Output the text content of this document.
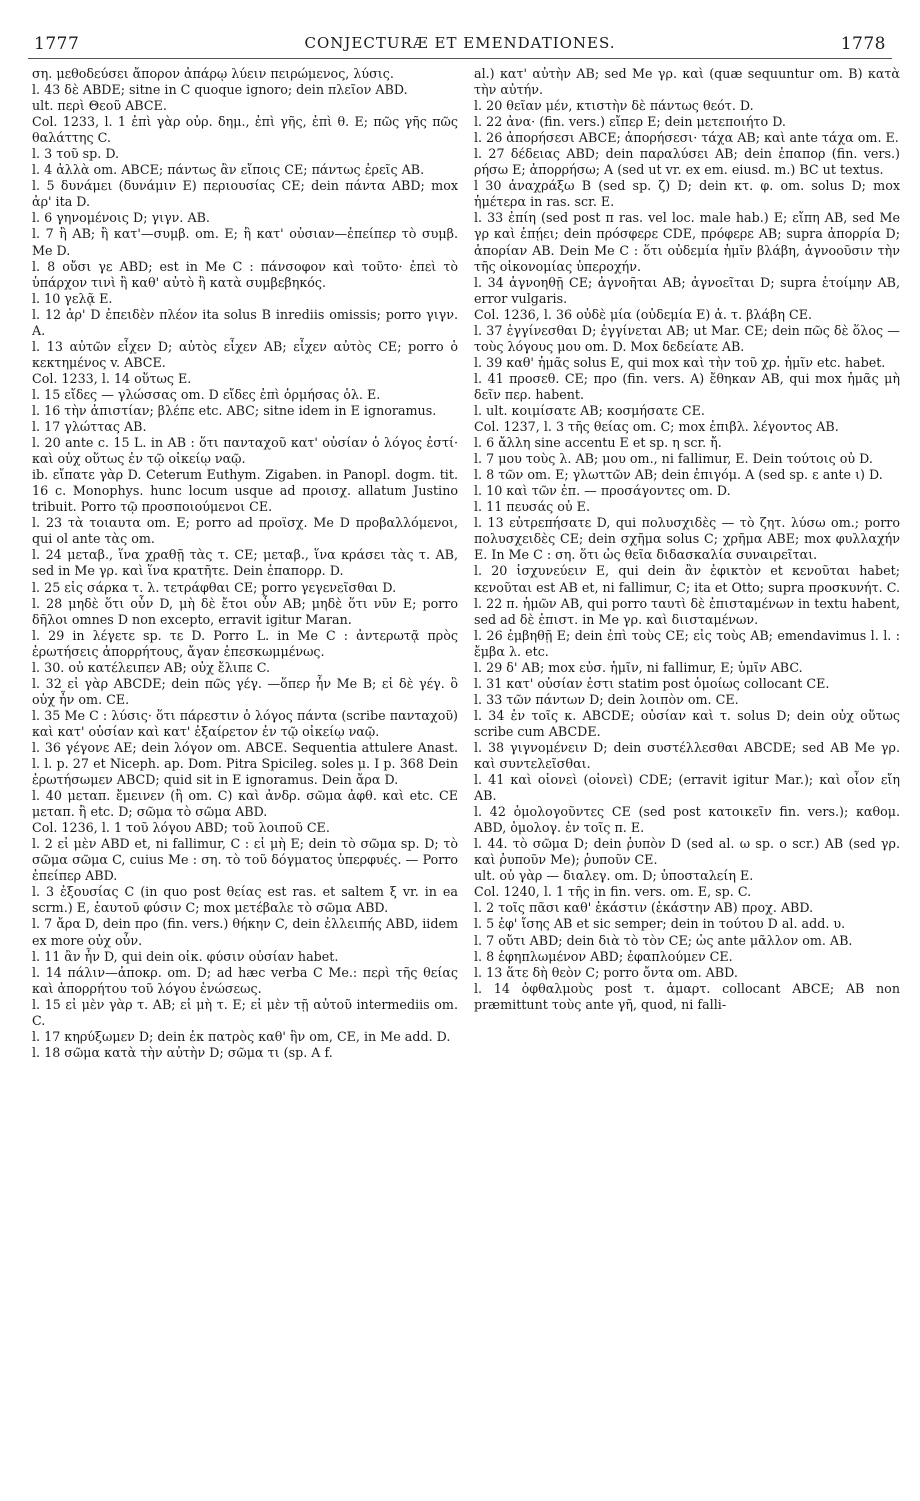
1777	CONJECTURÆ ET EMENDATIONES.	1778

ση. μεθοδεύσει ἄπορον ἀπάρῳ λύειν πειρώμενος, λύσις.

l. 43 δὲ ABDE; sitne in C quoque ignoro; dein πλεῖον ABD.

ult. περὶ Θεοῦ ABCE.

Col. 1233, l. 1 ἐπὶ γὰρ οὐρ. δημ., ἐπὶ γῆς, ἐπὶ θ. E; πῶς γῆς πῶς θαλάττης C.

l. 3 τοῦ sp. D.

l. 4 ἀλλὰ om. ABCE; πάντως ἂν εἴποις CE; πάντως ἐρεῖς AB.

l. 5 δυνάμει (δυνάμιν E) περιουσίας CE; dein πάντα ABD; mox ἀρ' ita D.

l. 6 γηνομένοις D; γιγν. AB.

l. 7 ἢ AB; ἢ κατ'—συμβ. om. E; ἢ κατ' οὐσιαν—ἐπείπερ τὸ συμβ. Me D.

l. 8 οὔσι γε ABD; est in Me C : πάνσοφον καὶ τοῦτο· ἐπεὶ τὸ ὑπάρχον τινὶ ἢ καθ' αὐτὸ ἢ κατὰ συμβεβηκός.

l. 10 γελᾷ E.

l. 12 ἀρ' D ἐπειδὲν πλέον ita solus B inrediis omissis; porro γιγν. A.

l. 13 αὐτῶν εἶχεν D; αὐτὸς εἶχεν AB; εἶχεν αὐτὸς CE; porro ὁ κεκτημένος v. ABCE.

Col. 1233, l. 14 οὕτως E.

l. 15 εἴδες — γλώσσας om. D εἴδες ἐπὶ ὁρμήσας ὁλ. E.

l. 16 τὴν ἀπιστίαν; βλέπε etc. ABC; sitne idem in E ignoramus.

l. 17 γλώττας AB.

l. 20 ante c. 15 L. in AB : ὅτι πανταχοῦ κατ' οὐσίαν ὁ λόγος ἐστί· καὶ οὐχ οὕτως ἐν τῷ οἰκείῳ ναῷ.

ib. εἴπατε γὰρ D. Ceterum Euthym. Zigaben. in Panopl. dogm. tit. 16 c. Monophys. hunc locum usque ad προισχ. allatum Justino tribuit. Porro τῷ προσποιούμενοι CE.

l. 23 τὰ τοιαυτα om. E; porro ad προϊσχ. Me D προβαλλόμενοι, qui ol ante τὰς om.

l. 24 μεταβ., ἵνα χραθῇ τὰς τ. CE; μεταβ., ἵνα κράσει τὰς τ. AB, sed in Me γρ. καὶ ἵνα κρατῆτε. Dein ἐπαπορρ. D.

l. 25 εἰς σάρκα τ. λ. τετράφθαι CE; porro γεγενεῖσθαι D.

l. 28 μηδὲ ὅτι οὖν D, μὴ δὲ ἔτοι οὖν AB; μηδὲ ὅτι νῦν E; porro δῆλοι omnes D non excepto, erravit igitur Maran.

l. 29 in λέγετε sp. τε D. Porro L. in Me C : ἀντερωτᾷ πρὸς ἐρωτήσεις ἀπορρήτους, ἄγαν ἐπεσκωμμένως.

l. 30. οὐ κατέλειπεν AB; οὐχ ἔλιπε C.

l. 32 εἰ γὰρ ABCDE; dein πῶς γέγ. —ὅπερ ἦν Me B; εἰ δὲ γέγ. ὃ οὐχ ἦν om. CE.

l. 35 Me C : λύσις· ὅτι πάρεστιν ὁ λόγος πάντα (scribe πανταχοῦ) καὶ κατ' οὐσίαν καὶ κατ' ἐξαίρετον ἐν τῷ οἰκείῳ ναῷ.

l. 36 γέγονε AE; dein λόγον om. ABCE. Sequentia attulere Anast. l. l. p. 27 et Niceph. ap. Dom. Pitra Spicileg. soles μ. I p. 368 Dein ἐρωτήσωμεν ABCD; quid sit in E ignoramus. Dein ἄρα D.

l. 40 μεταπ. ἔμεινεν (ἢ om. C) καὶ ἀνδρ. σῶμα ἀφθ. καὶ etc. CE μεταπ. ἢ etc. D; σῶμα τὸ σῶμα ABD.

Col. 1236, l. 1 τοῦ λόγου ABD; τοῦ λοιποῦ CE.

l. 2 εἰ μὲν ABD et, ni fallimur, C : εἰ μὴ E; dein τὸ σῶμα sp. D; τὸ σῶμα σῶμα C, cuius Me : ση. τὸ τοῦ δόγματος ὑπερφυές. — Porro ἐπείπερ ABD.

l. 3 ἐξουσίας C (in quo post θείας est ras. et saltem ξ vr. in ea scrm.) E, ἑαυτοῦ φύσιν C; mox μετέβαλε τὸ σῶμα ABD.

l. 7 ἄρα D, dein προ (fin. vers.) θήκην C, dein ἐλλειπής ABD, iidem ex more οὐχ οὖν.

l. 11 ἂν ἦν D, qui dein οἰκ. φύσιν οὐσίαν habet.

l. 14 πάλιν—ἀποκρ. om. D; ad hæc verba C Me.: περὶ τῆς θείας καὶ ἀπορρήτου τοῦ λόγου ἑνώσεως.

l. 15 εἰ μὲν γὰρ τ. AB; εἰ μὴ τ. E; εἰ μὲν τῇ αὐτοῦ intermediis om. C.

l. 17 κηρύξωμεν D; dein ἐκ πατρὸς καθ' ἣν om, CE, in Me add. D.

l. 18 σῶμα κατὰ τὴν αὐτὴν D; σῶμα τι (sp. A f.

al.) κατ' αὐτὴν AB; sed Me γρ. καὶ (quæ sequuntur om. B) κατὰ τὴν αὐτήν.

l. 20 θεῖαν μέν, κτιστὴν δὲ πάντως θεότ. D.

l. 22 ἀνα· (fin. vers.) εἴπερ E; dein μετεποιήτο D.

l. 26 ἀπορήσεσι ABCE; ἀπορήσεσι· τάχα AB; καὶ ante τάχα om. E.

l. 27 δέδειας ABD; dein παραλύσει AB; dein ἐπαπορ (fin. vers.) ρήσω E; ἀπορρήσω; A (sed ut vr. ex em. eiusd. m.) BC ut textus.

l 30 ἀναχράξω B (sed sp. ζ) D; dein κτ. φ. om. solus D; mox ἡμέτερα in ras. scr. E.

l. 33 ἐπίη (sed post π ras. vel loc. male hab.) E; εἴπη AB, sed Me γρ καὶ ἐπῄει; dein πρόσφερε CDE, πρόφερε AB; supra ἀπορρία D; ἀπορίαν AB. Dein Me C : ὅτι οὐδεμία ἡμῖν βλάβη, ἀγνοοῦσιν τὴν τῆς οἰκονομίας ὑπεροχήν.

l. 34 ἀγνοηθῇ CE; ἀγνοῆται AB; ἀγνοεῖται D; supra ἑτοίμην AB, error vulgaris.

Col. 1236, l. 36 οὐδὲ μία (οὐδεμία E) ἀ. τ. βλάβη CE.

l. 37 ἐγγίνεσθαι D; ἐγγίνεται AB; ut Mar. CE; dein πῶς δὲ ὅλος — τοὺς λόγους μου om. D. Mox δεδείατε AB.

l. 39 καθ' ἡμᾶς solus E, qui mox καὶ τὴν τοῦ χρ. ἡμῖν etc. habet.

l. 41 προσεθ. CE; προ (fin. vers. A) ἔθηκαν AB, qui mox ἡμᾶς μὴ δεῖν περ. habent.

l. ult. κοιμίσατε AB; κοσμήσατε CE.

Col. 1237, l. 3 τῆς θείας om. C; mox ἐπιβλ. λέγοντος AB.

l. 6 ἄλλη sine accentu E et sp. η scr. ἤ.

l. 7 μου τοὺς λ. AB; μου om., ni fallimur, E. Dein τούτοις οὐ D.

l. 8 τῶν om. E; γλωττῶν AB; dein ἐπιγόμ. A (sed sp. ε ante ι) D.

l. 10 καὶ τῶν ἐπ. — προσάγοντες om. D.

l. 11 πευσάς οὐ E.

l. 13 εὐτρεπήσατε D, qui πολυσχιδὲς — τὸ ζητ. λύσω om.; porro πολυσχειδὲς CE; dein σχῆμα solus C; χρῆμα ABE; mox φυλλαχήν E. In Me C : ση. ὅτι ὡς θεῖα διδασκαλία συναιρεῖται.

l. 20 ἰσχυνεύειν E, qui dein ἂν ἐφικτὸν et κενοῦται habet; κενοῦται est AB et, ni fallimur, C; ita et Otto; supra προσκυνήτ. C.

l. 22 π. ἡμῶν AB, qui porro ταυτὶ δὲ ἐπισταμένων in textu habent, sed ad δὲ ἐπιστ. in Me γρ. καὶ διισταμένων.

l. 26 ἐμβηθῇ E; dein ἐπὶ τοὺς CE; εἰς τοὺς AB; emendavimus l. l. : ἔμβα λ. etc.

l. 29 δ' AB; mox εὐσ. ἡμῖν, ni fallimur, E; ὑμῖν ABC.

l. 31 κατ' οὐσίαν ἐστι statim post ὁμοίως collocant CE.

l. 33 τῶν πάντων D; dein λοιπὸν om. CE.

l. 34 ἐν τοῖς κ. ABCDE; οὐσίαν καὶ τ. solus D; dein οὐχ οὕτως scribe cum ABCDE.

l. 38 γιγνομένειν D; dein συστέλλεσθαι ABCDE; sed AB Me γρ. καὶ συντελεῖσθαι.

l. 41 καὶ οἰονεὶ (οἰονεὶ) CDE; (erravit igitur Mar.); καὶ οἷον εἴη AB.

l. 42 ὁμολογοῦντες CE (sed post κατοικεῖν fin. vers.); καθομ. ABD, ὁμολογ. ἐν τοῖς π. E.

l. 44. τὸ σῶμα D; dein ῥυπὸν D (sed al. ω sp. o scr.) AB (sed γρ. καὶ ῥυποῦν Me); ῥυποῦν CE.

ult. οὐ γὰρ — διαλεγ. om. D; ὑποσταλείη E.

Col. 1240, l. 1 τῆς in fin. vers. om. E, sp. C.

l. 2 τοῖς πᾶσι καθ' ἑκάστιν (ἑκάστην AB) προχ. ABD.

l. 5 ἐφ' ἴσης AB et sic semper; dein in τούτου D al. add. υ.

l. 7 οὔτι ABD; dein διὰ τὸ τὸν CE; ὡς ante μᾶλλον om. AB.

l. 8 ἐφηπλωμένον ABD; ἐφαπλούμεν CE.

l. 13 ἅτε δὴ θεὸν C; porro ὄντα om. ABD.

l. 14 ὀφθαλμοὺς post τ. ἁμαρτ. collocant ABCE; AB non præmittunt τοὺς ante γῆ, quod, ni falli-
